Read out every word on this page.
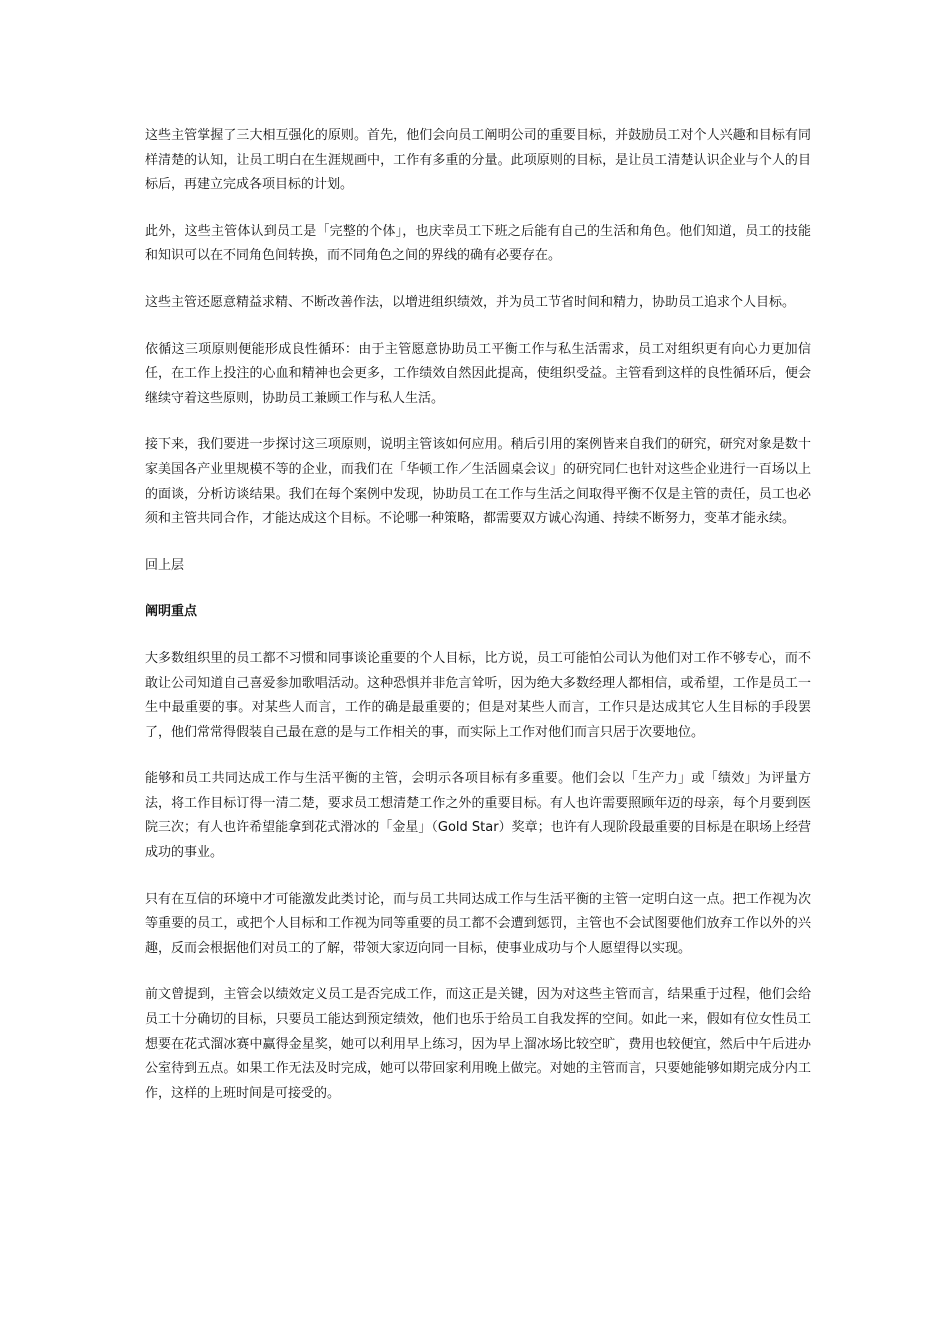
这些主管掌握了三大相互强化的原则。首先，他们会向员工阐明公司的重要目标，并鼓励员工对个人兴趣和目标有同样清楚的认知，让员工明白在生涯规画中，工作有多重的分量。此项原则的目标，是让员工清楚认识企业与个人的目标后，再建立完成各项目标的计划。

此外，这些主管体认到员工是「完整的个体」，也庆幸员工下班之后能有自己的生活和角色。他们知道，员工的技能和知识可以在不同角色间转换，而不同角色之间的界线的确有必要存在。

这些主管还愿意精益求精、不断改善作法，以增进组织绩效，并为员工节省时间和精力，协助员工追求个人目标。

依循这三项原则便能形成良性循环：由于主管愿意协助员工平衡工作与私生活需求，员工对组织更有向心力更加信任，在工作上投注的心血和精神也会更多，工作绩效自然因此提高，使组织受益。主管看到这样的良性循环后，便会继续守着这些原则，协助员工兼顾工作与私人生活。

接下来，我们要进一步探讨这三项原则，说明主管该如何应用。稍后引用的案例皆来自我们的研究，研究对象是数十家美国各产业里规模不等的企业，而我们在「华顿工作／生活圆桌会议」的研究同仁也针对这些企业进行一百场以上的面谈，分析访谈结果。我们在每个案例中发现，协助员工在工作与生活之间取得平衡不仅是主管的责任，员工也必须和主管共同合作，才能达成这个目标。不论哪一种策略，都需要双方诚心沟通、持续不断努力，变革才能永续。

回上层

阐明重点

大多数组织里的员工都不习惯和同事谈论重要的个人目标，比方说，员工可能怕公司认为他们对工作不够专心，而不敢让公司知道自己喜爱参加歌唱活动。这种恐惧并非危言耸听，因为绝大多数经理人都相信，或希望，工作是员工一生中最重要的事。对某些人而言，工作的确是最重要的；但是对某些人而言，工作只是达成其它人生目标的手段罢了，他们常常得假装自己最在意的是与工作相关的事，而实际上工作对他们而言只居于次要地位。

能够和员工共同达成工作与生活平衡的主管，会明示各项目标有多重要。他们会以「生产力」或「绩效」为评量方法，将工作目标订得一清二楚，要求员工想清楚工作之外的重要目标。有人也许需要照顾年迈的母亲，每个月要到医院三次；有人也许希望能拿到花式滑冰的「金星」（Gold Star）奖章；也许有人现阶段最重要的目标是在职场上经营成功的事业。

只有在互信的环境中才可能激发此类讨论，而与员工共同达成工作与生活平衡的主管一定明白这一点。把工作视为次等重要的员工，或把个人目标和工作视为同等重要的员工都不会遭到惩罚，主管也不会试图要他们放弃工作以外的兴趣，反而会根据他们对员工的了解，带领大家迈向同一目标，使事业成功与个人愿望得以实现。

前文曾提到，主管会以绩效定义员工是否完成工作，而这正是关键，因为对这些主管而言，结果重于过程，他们会给员工十分确切的目标，只要员工能达到预定绩效，他们也乐于给员工自我发挥的空间。如此一来，假如有位女性员工想要在花式溜冰赛中赢得金星奖，她可以利用早上练习，因为早上溜冰场比较空旷，费用也较便宜，然后中午后进办公室待到五点。如果工作无法及时完成，她可以带回家利用晚上做完。对她的主管而言，只要她能够如期完成分内工作，这样的上班时间是可接受的。
